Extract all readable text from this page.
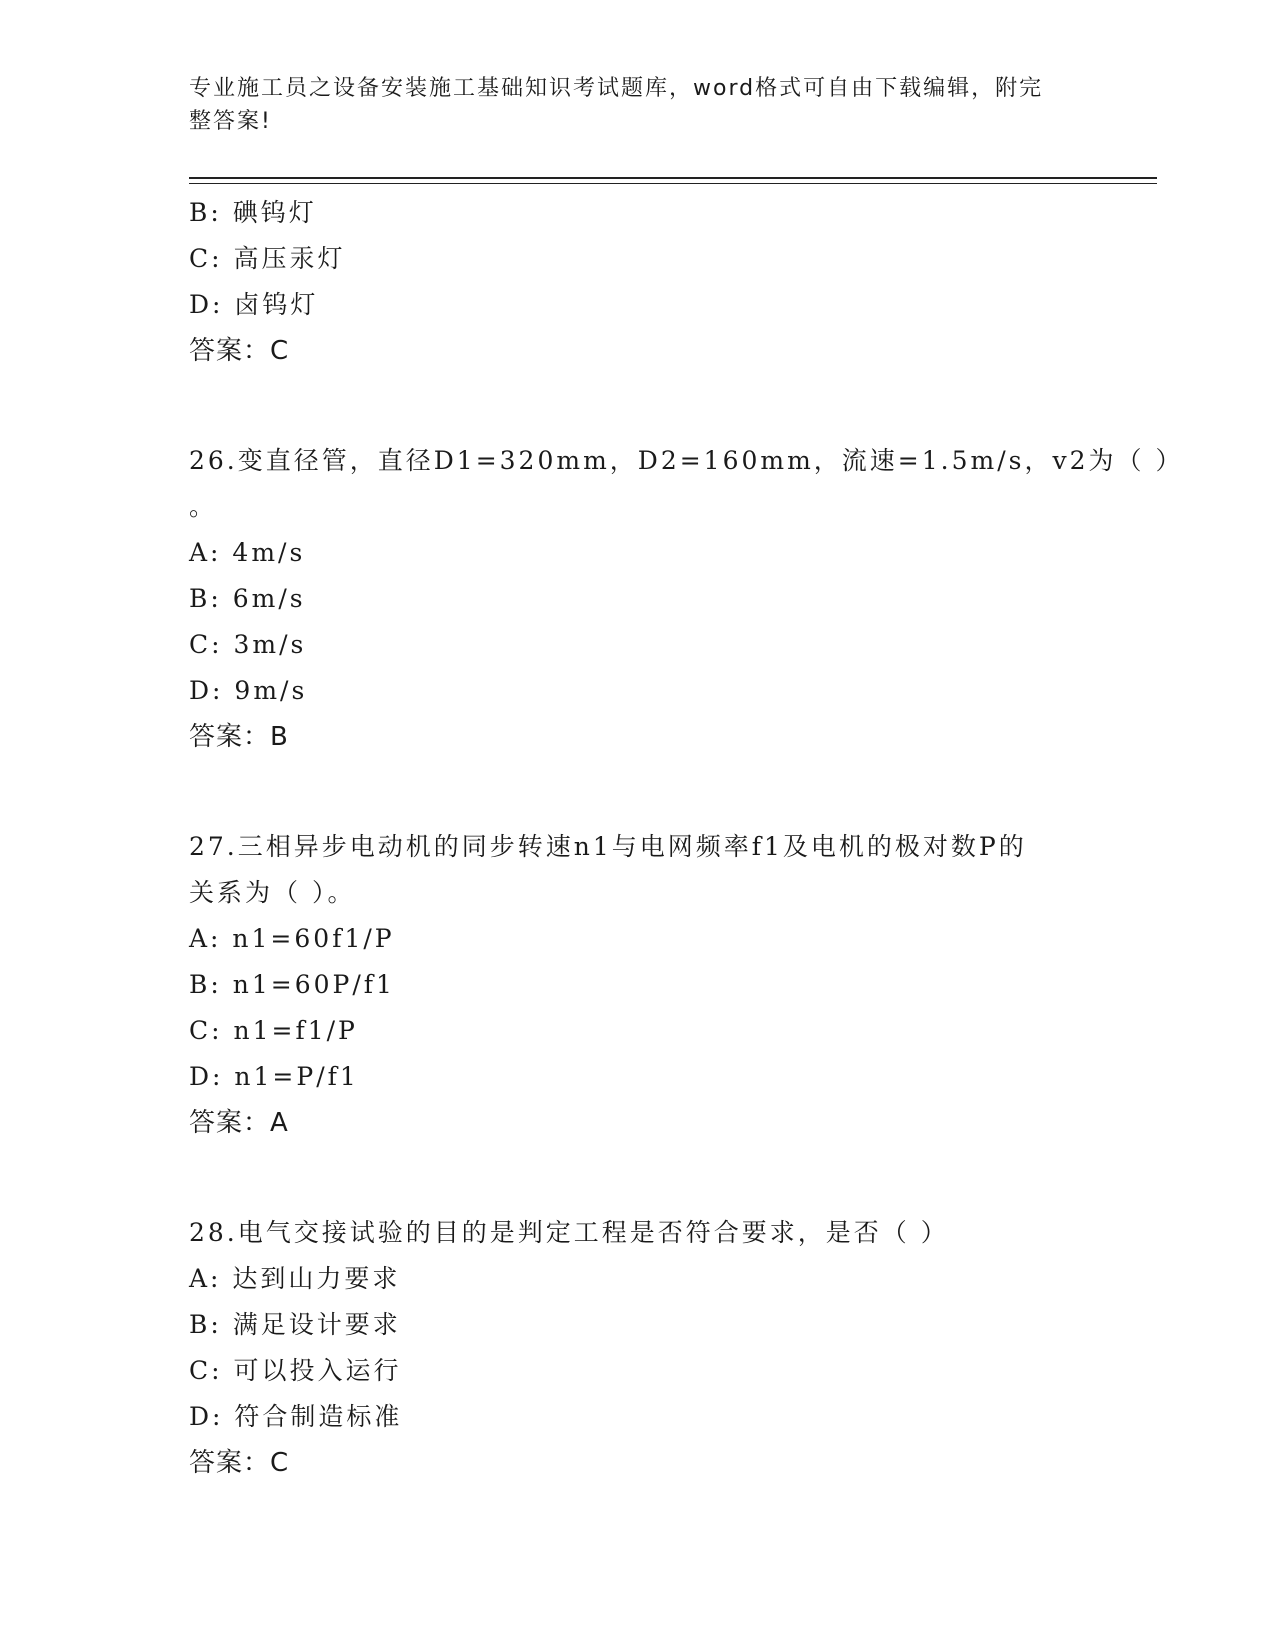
专业施工员之设备安装施工基础知识考试题库，word格式可自由下载编辑，附完
整答案!
B: 碘钨灯
C: 高压汞灯
D: 卤钨灯
答案：C
26.变直径管，直径D1=320mm，D2=160mm，流速=1.5m/s，v2为（ ）
。
A: 4m/s
B: 6m/s
C: 3m/s
D: 9m/s
答案：B
27.三相异步电动机的同步转速n1与电网频率f1及电机的极对数P的
关系为（ ）。
A: n1=60f1/P
B: n1=60P/f1
C: n1=f1/P
D: n1=P/f1
答案：A
28.电气交接试验的目的是判定工程是否符合要求，是否（ ）
A: 达到山力要求
B: 满足设计要求
C: 可以投入运行
D: 符合制造标准
答案：C
